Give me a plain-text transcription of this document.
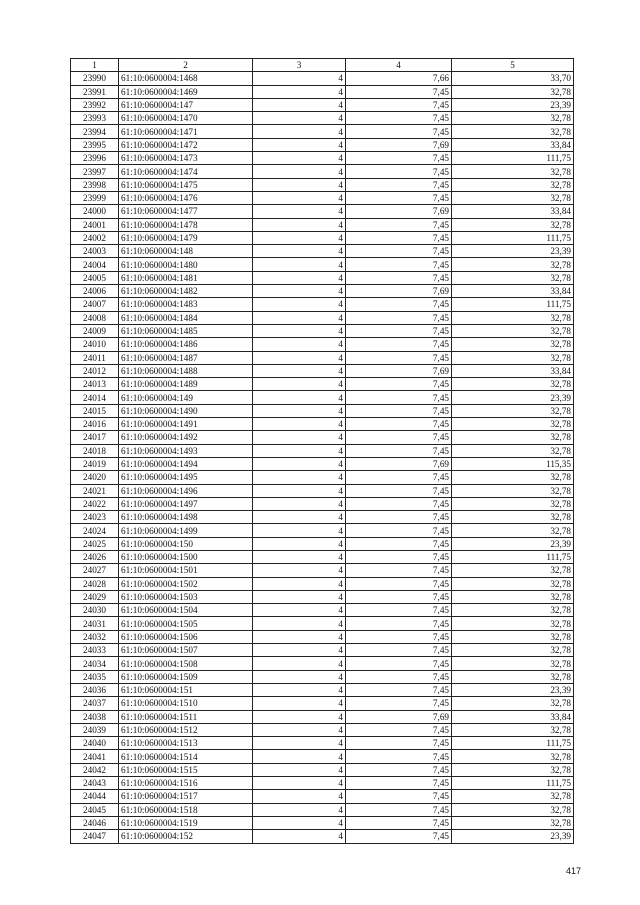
1	2	3	4	5
23990	61:10:0600004:1468	4	7,66	33,70
23991	61:10:0600004:1469	4	7,45	32,78
23992	61:10:0600004:147	4	7,45	23,39
23993	61:10:0600004:1470	4	7,45	32,78
23994	61:10:0600004:1471	4	7,45	32,78
23995	61:10:0600004:1472	4	7,69	33,84
23996	61:10:0600004:1473	4	7,45	111,75
23997	61:10:0600004:1474	4	7,45	32,78
23998	61:10:0600004:1475	4	7,45	32,78
23999	61:10:0600004:1476	4	7,45	32,78
24000	61:10:0600004:1477	4	7,69	33,84
24001	61:10:0600004:1478	4	7,45	32,78
24002	61:10:0600004:1479	4	7,45	111,75
24003	61:10:0600004:148	4	7,45	23,39
24004	61:10:0600004:1480	4	7,45	32,78
24005	61:10:0600004:1481	4	7,45	32,78
24006	61:10:0600004:1482	4	7,69	33,84
24007	61:10:0600004:1483	4	7,45	111,75
24008	61:10:0600004:1484	4	7,45	32,78
24009	61:10:0600004:1485	4	7,45	32,78
24010	61:10:0600004:1486	4	7,45	32,78
24011	61:10:0600004:1487	4	7,45	32,78
24012	61:10:0600004:1488	4	7,69	33,84
24013	61:10:0600004:1489	4	7,45	32,78
24014	61:10:0600004:149	4	7,45	23,39
24015	61:10:0600004:1490	4	7,45	32,78
24016	61:10:0600004:1491	4	7,45	32,78
24017	61:10:0600004:1492	4	7,45	32,78
24018	61:10:0600004:1493	4	7,45	32,78
24019	61:10:0600004:1494	4	7,69	115,35
24020	61:10:0600004:1495	4	7,45	32,78
24021	61:10:0600004:1496	4	7,45	32,78
24022	61:10:0600004:1497	4	7,45	32,78
24023	61:10:0600004:1498	4	7,45	32,78
24024	61:10:0600004:1499	4	7,45	32,78
24025	61:10:0600004:150	4	7,45	23,39
24026	61:10:0600004:1500	4	7,45	111,75
24027	61:10:0600004:1501	4	7,45	32,78
24028	61:10:0600004:1502	4	7,45	32,78
24029	61:10:0600004:1503	4	7,45	32,78
24030	61:10:0600004:1504	4	7,45	32,78
24031	61:10:0600004:1505	4	7,45	32,78
24032	61:10:0600004:1506	4	7,45	32,78
24033	61:10:0600004:1507	4	7,45	32,78
24034	61:10:0600004:1508	4	7,45	32,78
24035	61:10:0600004:1509	4	7,45	32,78
24036	61:10:0600004:151	4	7,45	23,39
24037	61:10:0600004:1510	4	7,45	32,78
24038	61:10:0600004:1511	4	7,69	33,84
24039	61:10:0600004:1512	4	7,45	32,78
24040	61:10:0600004:1513	4	7,45	111,75
24041	61:10:0600004:1514	4	7,45	32,78
24042	61:10:0600004:1515	4	7,45	32,78
24043	61:10:0600004:1516	4	7,45	111,75
24044	61:10:0600004:1517	4	7,45	32,78
24045	61:10:0600004:1518	4	7,45	32,78
24046	61:10:0600004:1519	4	7,45	32,78
24047	61:10:0600004:152	4	7,45	23,39
417
